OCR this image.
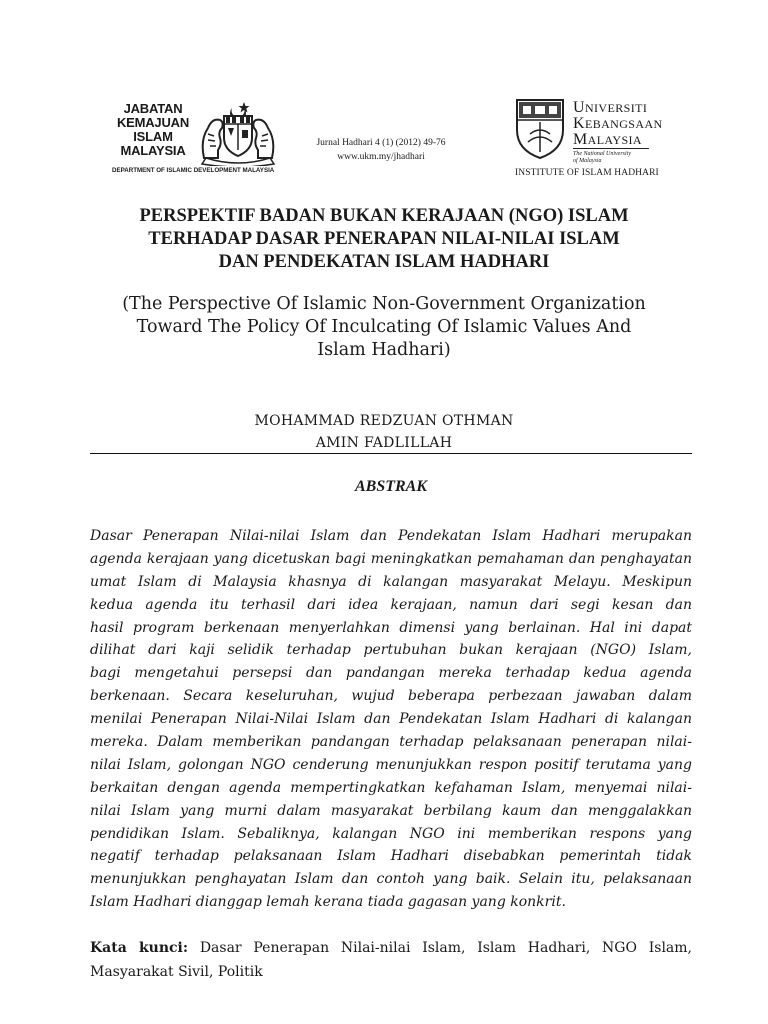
JABATAN
KEMAJUAN
ISLAM
MALAYSIA
DEPARTMENT OF ISLAMIC DEVELOPMENT MALAYSIA
Jurnal Hadhari 4 (1) (2012) 49-76
www.ukm.my/jhadhari
UNIVERSITI
KEBANGSAAN
MALAYSIA
The National University
of Malaysia
INSTITUTE OF ISLAM HADHARI
PERSPEKTIF BADAN BUKAN KERAJAAN (NGO) ISLAM
TERHADAP DASAR PENERAPAN NILAI-NILAI ISLAM
DAN PENDEKATAN ISLAM HADHARI
(The Perspective Of Islamic Non-Government Organization
Toward The Policy Of Inculcating Of Islamic Values And
Islam Hadhari)
MOHAMMAD REDZUAN OTHMAN
AMIN FADLILLAH
ABSTRAK
Dasar Penerapan Nilai-nilai Islam dan Pendekatan Islam Hadhari merupakan
agenda kerajaan yang dicetuskan bagi meningkatkan pemahaman dan penghayatan
umat Islam di Malaysia khasnya di kalangan masyarakat Melayu. Meskipun
kedua agenda itu terhasil dari idea kerajaan, namun dari segi kesan dan
hasil program berkenaan menyerlahkan dimensi yang berlainan. Hal ini dapat
dilihat dari kaji selidik terhadap pertubuhan bukan kerajaan (NGO) Islam,
bagi mengetahui persepsi dan pandangan mereka terhadap kedua agenda
berkenaan. Secara keseluruhan, wujud beberapa perbezaan jawaban dalam
menilai Penerapan Nilai-Nilai Islam dan Pendekatan Islam Hadhari di kalangan
mereka. Dalam memberikan pandangan terhadap pelaksanaan penerapan nilai-
nilai Islam, golongan NGO cenderung menunjukkan respon positif terutama yang
berkaitan dengan agenda mempertingkatkan kefahaman Islam, menyemai nilai-
nilai Islam yang murni dalam masyarakat berbilang kaum dan menggalakkan
pendidikan Islam. Sebaliknya, kalangan NGO ini memberikan respons yang
negatif terhadap pelaksanaan Islam Hadhari disebabkan pemerintah tidak
menunjukkan penghayatan Islam dan contoh yang baik. Selain itu, pelaksanaan
Islam Hadhari dianggap lemah kerana tiada gagasan yang konkrit.
Kata kunci: Dasar Penerapan Nilai-nilai Islam, Islam Hadhari, NGO Islam,
Masyarakat Sivil, Politik
